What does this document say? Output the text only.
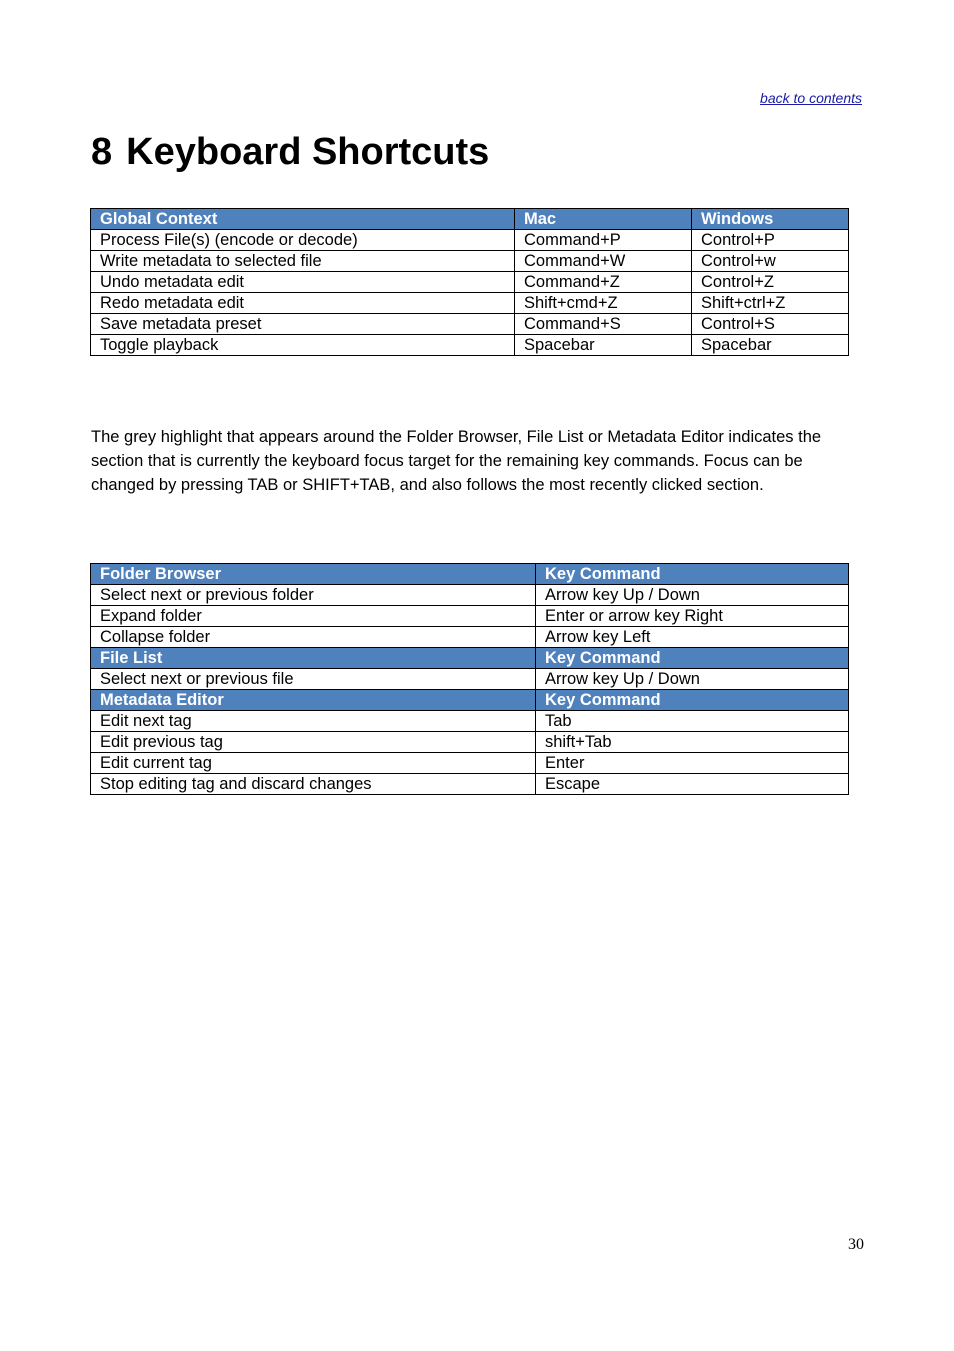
back to contents
8 Keyboard Shortcuts
Global Context	Mac	Windows
Process File(s) (encode or decode)	Command+P	Control+P
Write metadata to selected file	Command+W	Control+w
Undo metadata edit	Command+Z	Control+Z
Redo metadata edit	Shift+cmd+Z	Shift+ctrl+Z
Save metadata preset	Command+S	Control+S
Toggle playback	Spacebar	Spacebar

The grey highlight that appears around the Folder Browser, File List or Metadata Editor indicates the section that is currently the keyboard focus target for the remaining key commands. Focus can be changed by pressing TAB or SHIFT+TAB, and also follows the most recently clicked section.

Folder Browser	Key Command
Select next or previous folder	Arrow key Up / Down
Expand folder	Enter or arrow key Right
Collapse folder	Arrow key Left
File List	Key Command
Select next or previous file	Arrow key Up / Down
Metadata Editor	Key Command
Edit next tag	Tab
Edit previous tag	shift+Tab
Edit current tag	Enter
Stop editing tag and discard changes	Escape
30
